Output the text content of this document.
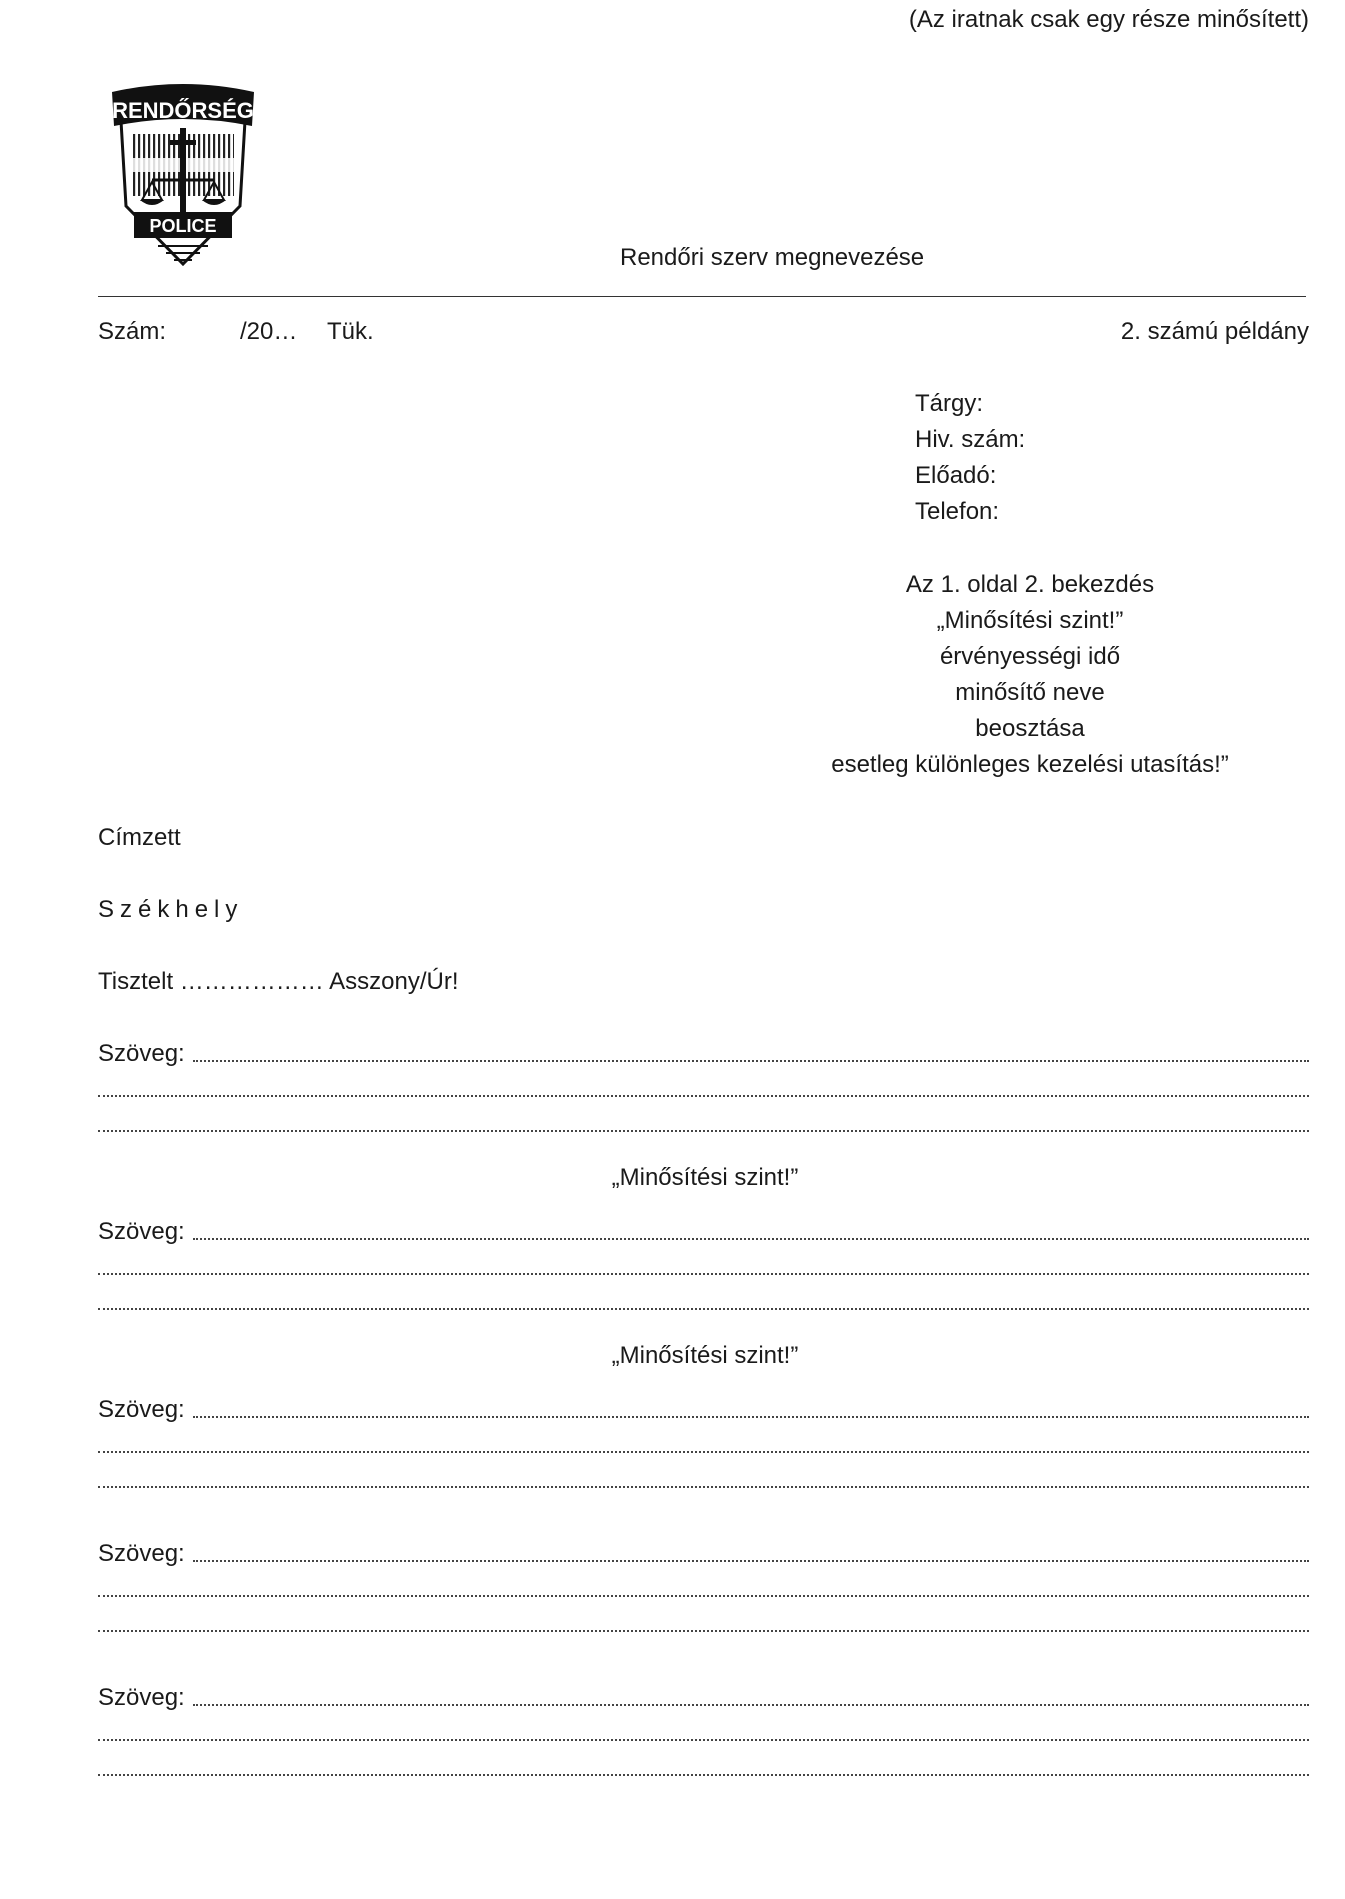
(Az iratnak csak egy része minősített)
RENDŐRSÉG
POLICE
Rendőri szerv megnevezése
Szám:	/20… Tük.	2. számú példány
Tárgy:
Hiv. szám:
Előadó:
Telefon:
Az 1. oldal 2. bekezdés
„Minősítési szint!”
érvényességi idő
minősítő neve
beosztása
esetleg különleges kezelési utasítás!”
Címzett
Székhely
Tisztelt ……………… Asszony/Úr!
Szöveg:
„Minősítési szint!”
Szöveg:
„Minősítési szint!”
Szöveg:
Szöveg:
Szöveg:
